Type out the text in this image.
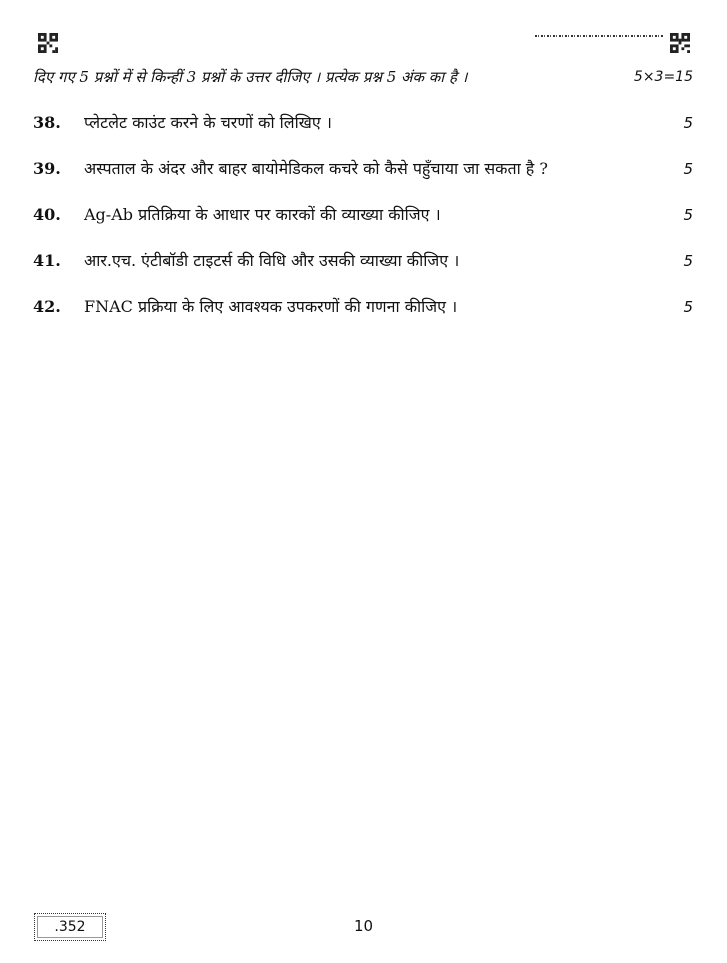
दिए गए 5 प्रश्नों में से किन्हीं 3 प्रश्नों के उत्तर दीजिए । प्रत्येक प्रश्न 5 अंक का है ।	5×3=15
38. प्लेटलेट काउंट करने के चरणों को लिखिए ।	5
39. अस्पताल के अंदर और बाहर बायोमेडिकल कचरे को कैसे पहुँचाया जा सकता है ?	5
40. Ag-Ab प्रतिक्रिया के आधार पर कारकों की व्याख्या कीजिए ।	5
41. आर.एच. एंटीबॉडी टाइटर्स की विधि और उसकी व्याख्या कीजिए ।	5
42. FNAC प्रक्रिया के लिए आवश्यक उपकरणों की गणना कीजिए ।	5
.352	10
